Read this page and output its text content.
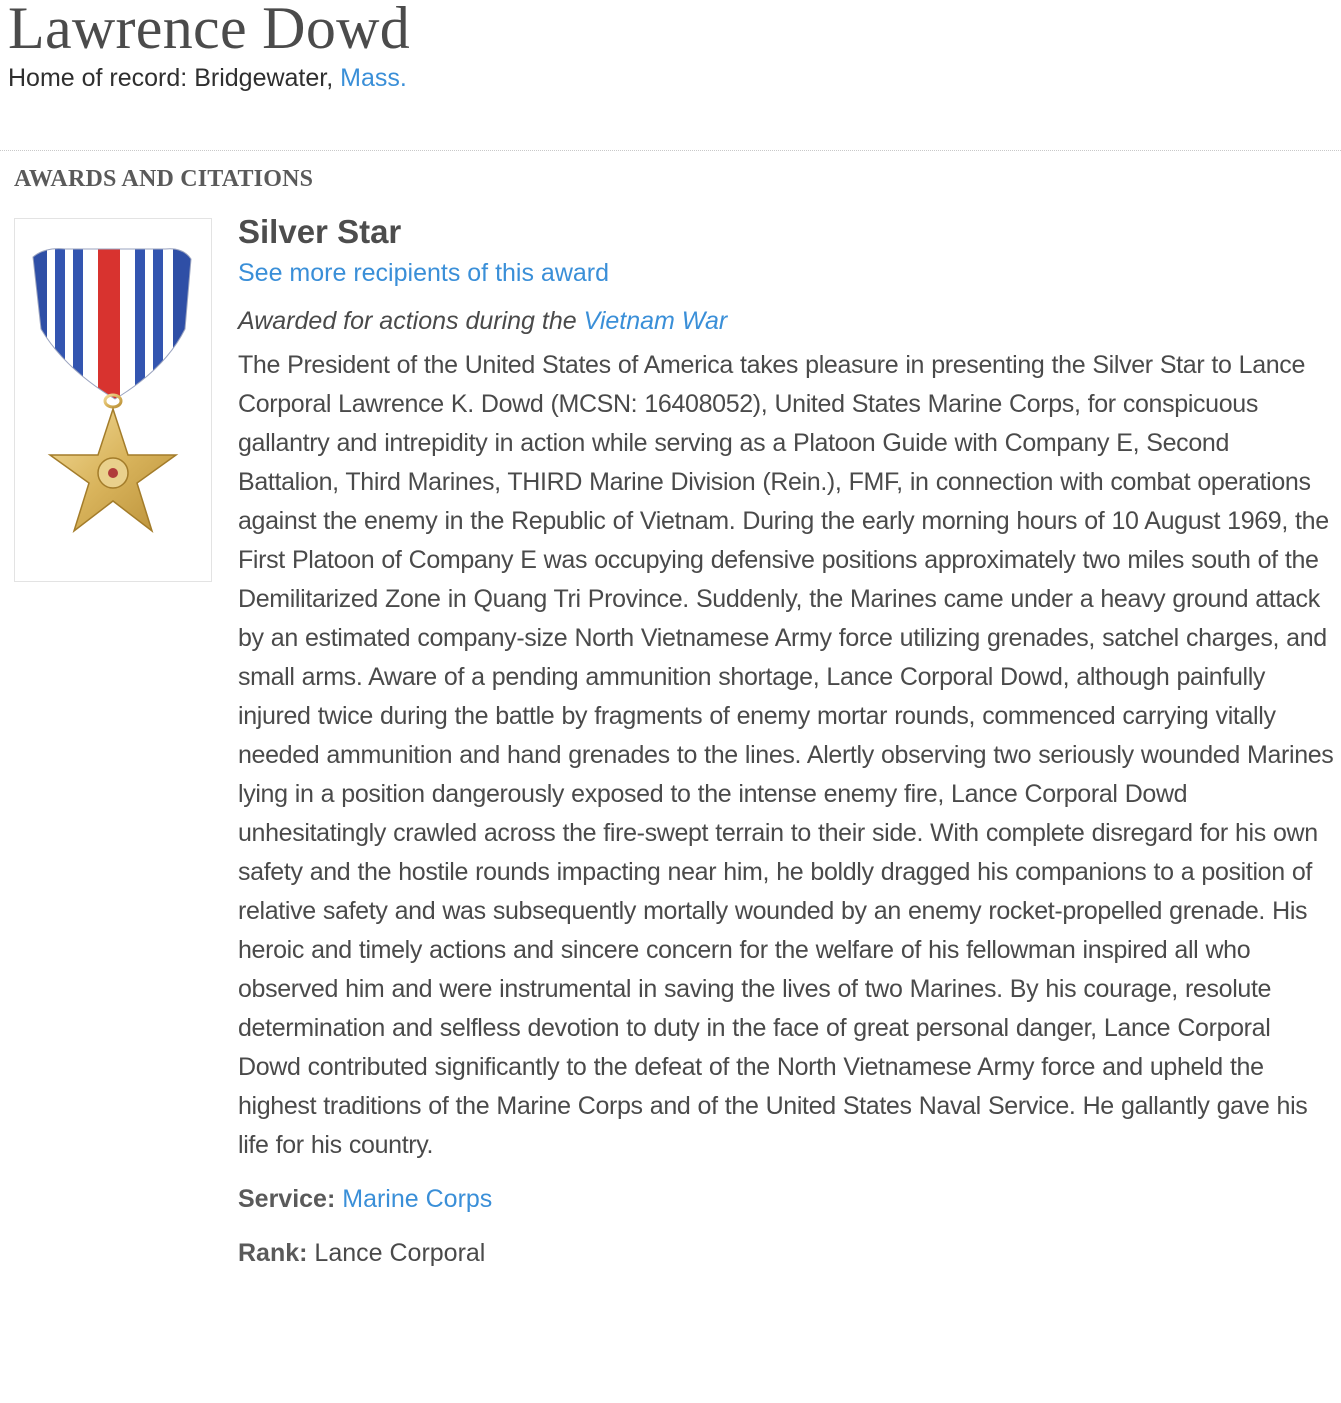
Lawrence Dowd
Home of record: Bridgewater, Mass.
AWARDS AND CITATIONS
Silver Star
See more recipients of this award
Awarded for actions during the Vietnam War
The President of the United States of America takes pleasure in presenting the Silver Star to Lance Corporal Lawrence K. Dowd (MCSN: 16408052), United States Marine Corps, for conspicuous gallantry and intrepidity in action while serving as a Platoon Guide with Company E, Second Battalion, Third Marines, THIRD Marine Division (Rein.), FMF, in connection with combat operations against the enemy in the Republic of Vietnam. During the early morning hours of 10 August 1969, the First Platoon of Company E was occupying defensive positions approximately two miles south of the Demilitarized Zone in Quang Tri Province. Suddenly, the Marines came under a heavy ground attack by an estimated company-size North Vietnamese Army force utilizing grenades, satchel charges, and small arms. Aware of a pending ammunition shortage, Lance Corporal Dowd, although painfully injured twice during the battle by fragments of enemy mortar rounds, commenced carrying vitally needed ammunition and hand grenades to the lines. Alertly observing two seriously wounded Marines lying in a position dangerously exposed to the intense enemy fire, Lance Corporal Dowd unhesitatingly crawled across the fire-swept terrain to their side. With complete disregard for his own safety and the hostile rounds impacting near him, he boldly dragged his companions to a position of relative safety and was subsequently mortally wounded by an enemy rocket-propelled grenade. His heroic and timely actions and sincere concern for the welfare of his fellowman inspired all who observed him and were instrumental in saving the lives of two Marines. By his courage, resolute determination and selfless devotion to duty in the face of great personal danger, Lance Corporal Dowd contributed significantly to the defeat of the North Vietnamese Army force and upheld the highest traditions of the Marine Corps and of the United States Naval Service. He gallantly gave his life for his country.
Service: Marine Corps
Rank: Lance Corporal
